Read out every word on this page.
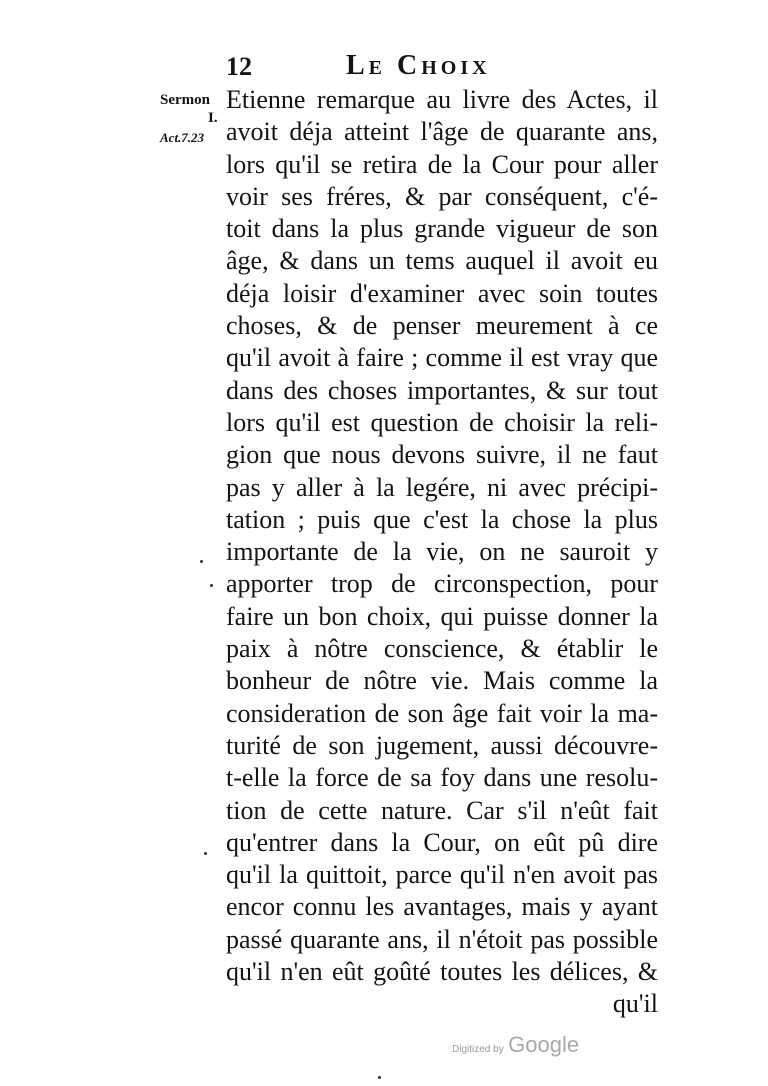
12	Le Choix
Sermon
I.
Act.7.23
Etienne remarque au livre des Actes, il
avoit déja atteint l'âge de quarante ans,
lors qu'il se retira de la Cour pour aller
voir ses fréres, & par conséquent, c'é-
toit dans la plus grande vigueur de son
âge, & dans un tems auquel il avoit eu
déja loisir d'examiner avec soin toutes
choses, & de penser meurement à ce
qu'il avoit à faire ; comme il est vray que
dans des choses importantes, & sur tout
lors qu'il est question de choisir la reli-
gion que nous devons suivre, il ne faut
pas y aller à la legére, ni avec précipi-
tation ; puis que c'est la chose la plus
importante de la vie, on ne sauroit y
apporter trop de circonspection, pour
faire un bon choix, qui puisse donner la
paix à nôtre conscience, & établir le
bonheur de nôtre vie. Mais comme la
consideration de son âge fait voir la ma-
turité de son jugement, aussi découvre-
t-elle la force de sa foy dans une resolu-
tion de cette nature. Car s'il n'eût fait
qu'entrer dans la Cour, on eût pû dire
qu'il la quittoit, parce qu'il n'en avoit pas
encor connu les avantages, mais y ayant
passé quarante ans, il n'étoit pas possible
qu'il n'en eût goûté toutes les délices, &
qu'il
Digitized by Google
